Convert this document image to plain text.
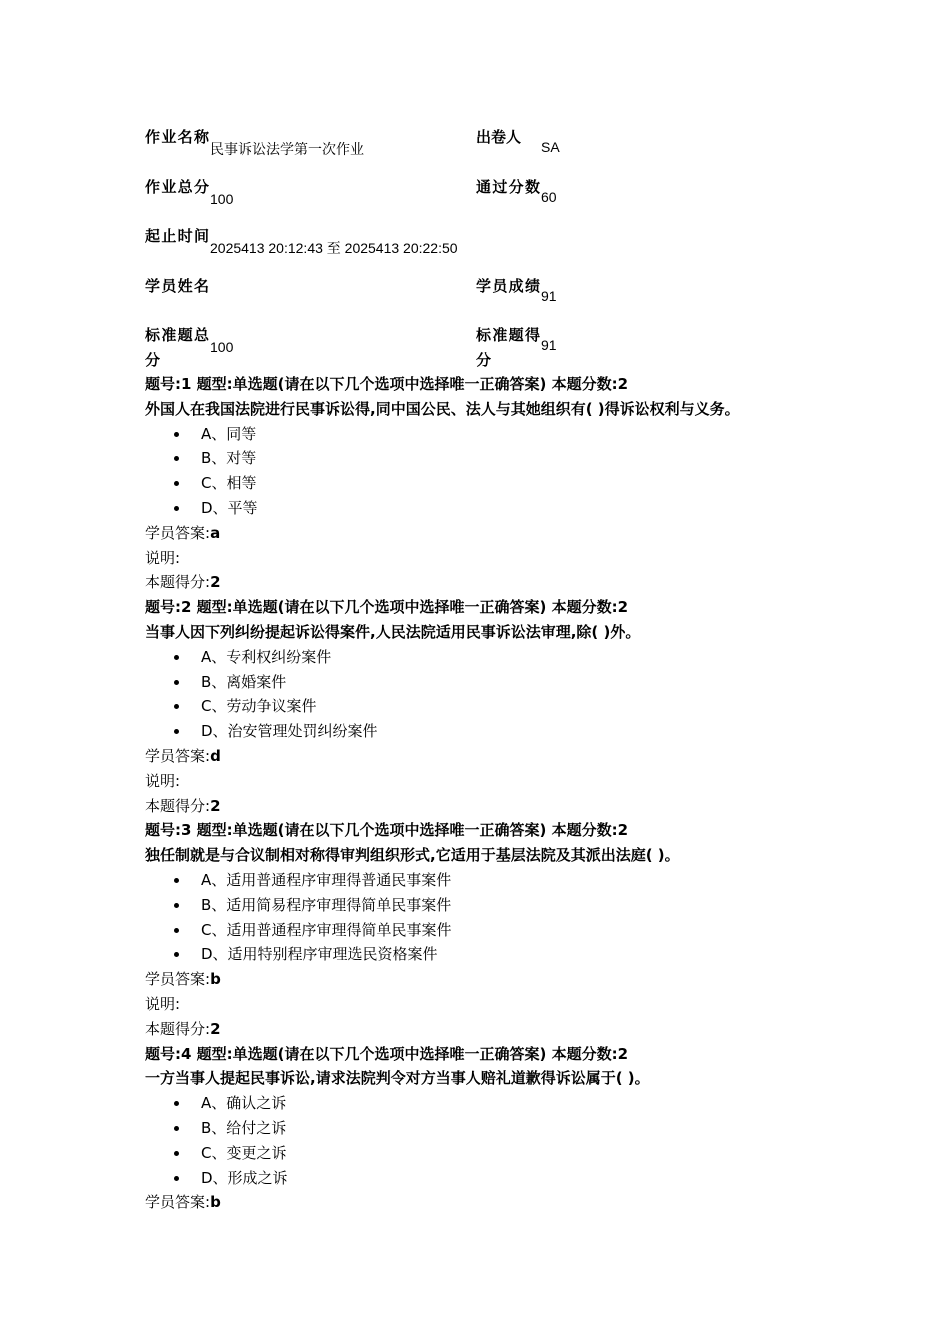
作业名称
民事诉讼法学第一次作业
出卷人
SA
作业总分
100
通过分数
60
起止时间
2025413 20:12:43 至 2025413 20:22:50
学员姓名	学员成绩
91
标准题总分
100
标准题得分
91
题号:1 题型:单选题(请在以下几个选项中选择唯一正确答案) 本题分数:2
外国人在我国法院进行民事诉讼得,同中国公民、法人与其她组织有( )得诉讼权利与义务。
A、同等
B、对等
C、相等
D、平等
学员答案:a
说明:
本题得分:2
题号:2 题型:单选题(请在以下几个选项中选择唯一正确答案) 本题分数:2
当事人因下列纠纷提起诉讼得案件,人民法院适用民事诉讼法审理,除( )外。
A、专利权纠纷案件
B、离婚案件
C、劳动争议案件
D、治安管理处罚纠纷案件
学员答案:d
说明:
本题得分:2
题号:3 题型:单选题(请在以下几个选项中选择唯一正确答案) 本题分数:2
独任制就是与合议制相对称得审判组织形式,它适用于基层法院及其派出法庭( )。
A、适用普通程序审理得普通民事案件
B、适用简易程序审理得简单民事案件
C、适用普通程序审理得简单民事案件
D、适用特别程序审理选民资格案件
学员答案:b
说明:
本题得分:2
题号:4 题型:单选题(请在以下几个选项中选择唯一正确答案) 本题分数:2
一方当事人提起民事诉讼,请求法院判令对方当事人赔礼道歉得诉讼属于( )。
A、确认之诉
B、给付之诉
C、变更之诉
D、形成之诉
学员答案:b
